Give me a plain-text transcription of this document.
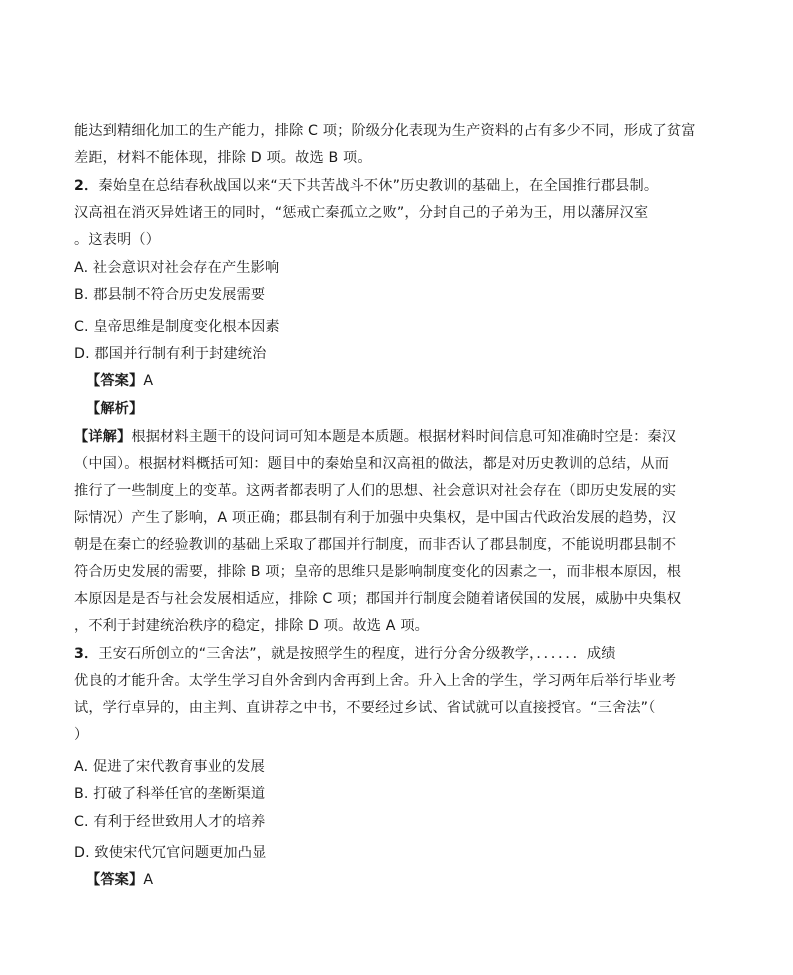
能达到精细化加工的生产能力，排除 C 项；阶级分化表现为生产资料的占有多少不同，形成了贫富
差距，材料不能体现，排除 D 项。故选 B 项。
2．秦始皇在总结春秋战国以来“天下共苦战斗不休”历史教训的基础上，在全国推行郡县制。
汉高祖在消灭异姓诸王的同时，“惩戒亡秦孤立之败”，分封自己的子弟为王，用以藩屏汉室
。这表明（）
A. 社会意识对社会存在产生影响
B. 郡县制不符合历史发展需要
C. 皇帝思维是制度变化根本因素
D. 郡国并行制有利于封建统治
【答案】A
【解析】
【详解】根据材料主题干的设问词可知本题是本质题。根据材料时间信息可知准确时空是：秦汉
（中国）。根据材料概括可知：题目中的秦始皇和汉高祖的做法，都是对历史教训的总结，从而
推行了一些制度上的变革。这两者都表明了人们的思想、社会意识对社会存在（即历史发展的实
际情况）产生了影响，A 项正确；郡县制有利于加强中央集权，是中国古代政治发展的趋势，汉
朝是在秦亡的经验教训的基础上采取了郡国并行制度，而非否认了郡县制度，不能说明郡县制不
符合历史发展的需要，排除 B 项；皇帝的思维只是影响制度变化的因素之一，而非根本原因，根
本原因是是否与社会发展相适应，排除 C 项；郡国并行制度会随着诸侯国的发展，威胁中央集权
，不利于封建统治秩序的稳定，排除 D 项。故选 A 项。
3．王安石所创立的“三舍法”，就是按照学生的程度，进行分舍分级教学，．．．．．．成绩
优良的才能升舍。太学生学习自外舍到内舍再到上舍。升入上舍的学生，学习两年后举行毕业考
试，学行卓异的，由主判、直讲荐之中书，不要经过乡试、省试就可以直接授官。“三舍法”（
）
A. 促进了宋代教育事业的发展
B. 打破了科举任官的垄断渠道
C. 有利于经世致用人才的培养
D. 致使宋代冗官问题更加凸显
【答案】A
